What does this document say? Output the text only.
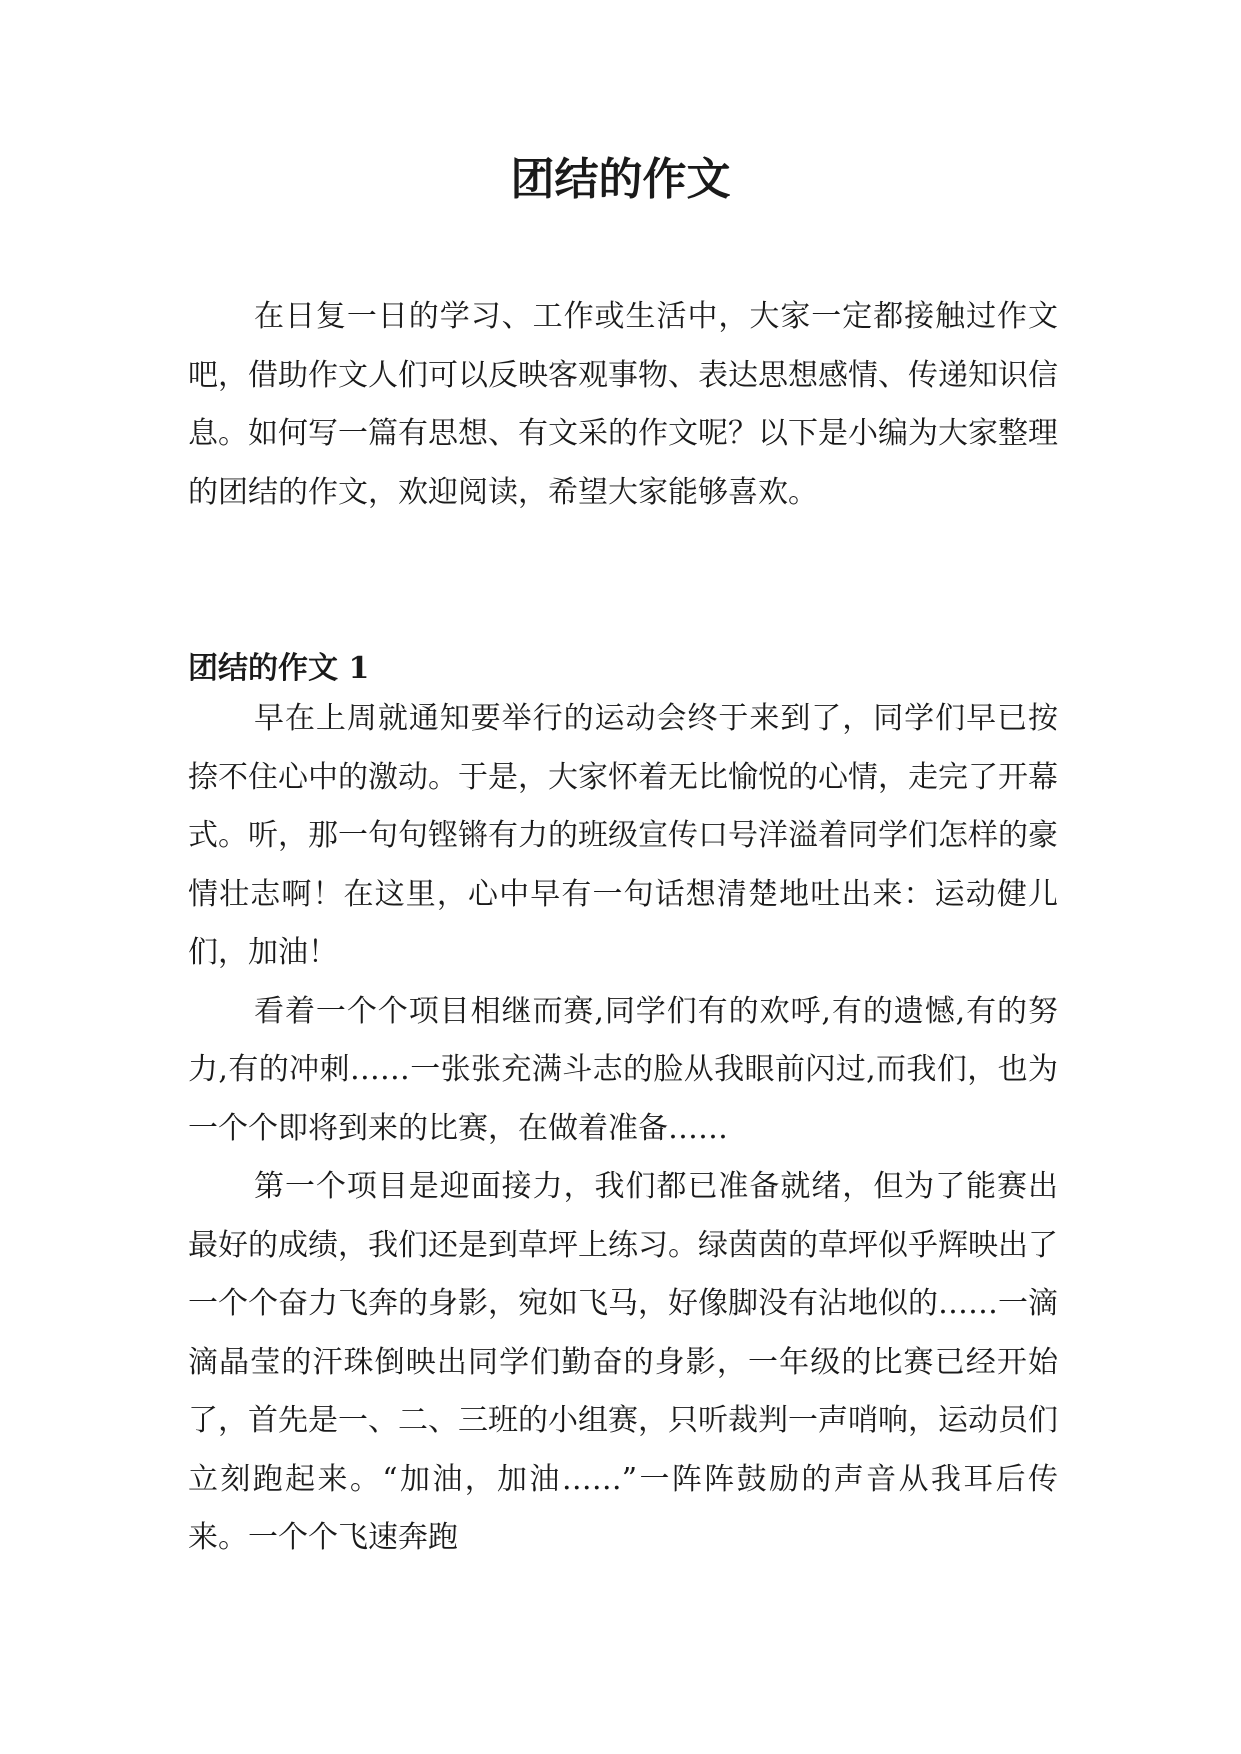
团结的作文

在日复一日的学习、工作或生活中，大家一定都接触过作文吧，借助作文人们可以反映客观事物、表达思想感情、传递知识信息。如何写一篇有思想、有文采的作文呢？以下是小编为大家整理的团结的作文，欢迎阅读，希望大家能够喜欢。

团结的作文 1

早在上周就通知要举行的运动会终于来到了，同学们早已按捺不住心中的激动。于是，大家怀着无比愉悦的心情，走完了开幕式。听，那一句句铿锵有力的班级宣传口号洋溢着同学们怎样的豪情壮志啊！在这里，心中早有一句话想清楚地吐出来：运动健儿们，加油！

看着一个个项目相继而赛,同学们有的欢呼,有的遗憾,有的努力,有的冲刺……一张张充满斗志的脸从我眼前闪过,而我们，也为一个个即将到来的比赛，在做着准备……

第一个项目是迎面接力，我们都已准备就绪，但为了能赛出最好的成绩，我们还是到草坪上练习。绿茵茵的草坪似乎辉映出了一个个奋力飞奔的身影，宛如飞马，好像脚没有沾地似的……一滴滴晶莹的汗珠倒映出同学们勤奋的身影，一年级的比赛已经开始了，首先是一、二、三班的小组赛，只听裁判一声哨响，运动员们立刻跑起来。“加油，加油……”一阵阵鼓励的声音从我耳后传来。一个个飞速奔跑
